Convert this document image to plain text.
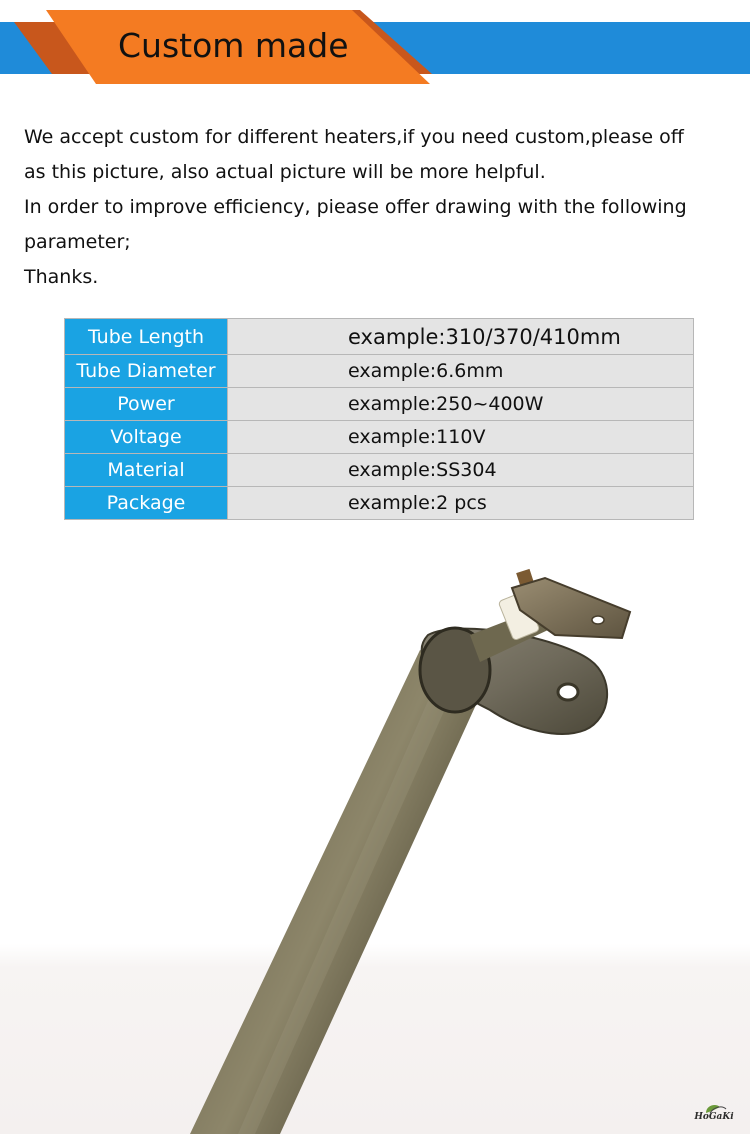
Custom made
We accept custom for different heaters,if you need custom,please off
as this picture, also actual picture will be more helpful.
In order to improve efficiency, piease offer drawing with the following
parameter;
Thanks.
Tube Length	example:310/370/410mm
Tube Diameter	example:6.6mm
Power	example:250~400W
Voltage	example:110V
Material	example:SS304
Package	example:2 pcs
HoGaKi
